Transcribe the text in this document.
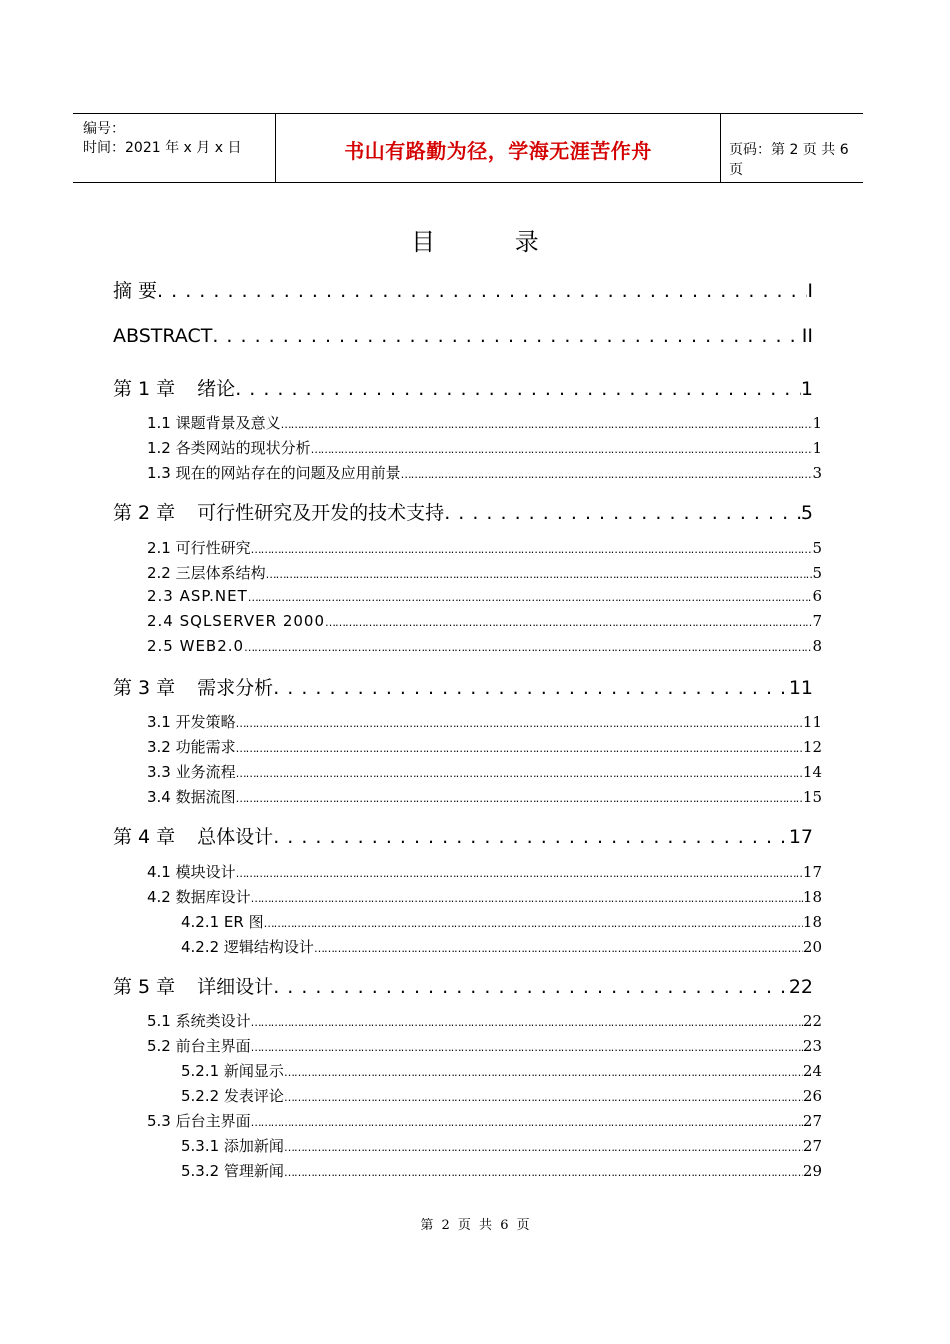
编号：
时间：2021 年 x 月 x 日	书山有路勤为径，学海无涯苦作舟	页码：第 2 页 共 6 页
目 录
摘 要 . . .	I
ABSTRACT . . .	II
第 1 章 绪论 . . .	1
1.1 课题背景及意义 ……………………………………………………………………………………………………………………………………………………………………………………………………………	1
1.2 各类网站的现状分析 ……………………………………………………………………………………………………………………………………………………………………………………………………………	1
1.3 现在的网站存在的问题及应用前景 ……………………………………………………………………………………………………………………………………………………………………………………………………………	3
第 2 章 可行性研究及开发的技术支持 . . .	5
2.1 可行性研究 ……………………………………………………………………………………………………………………………………………………………………………………………………………	5
2.2 三层体系结构 ……………………………………………………………………………………………………………………………………………………………………………………………………………	5
2.3 ASP.NET ……………………………………………………………………………………………………………………………………………………………………………………………………………	6
2.4 SQLSERVER 2000 ……………………………………………………………………………………………………………………………………………………………………………………………………………	7
2.5 WEB2.0 ……………………………………………………………………………………………………………………………………………………………………………………………………………	8
第 3 章 需求分析 . . .	11
3.1 开发策略 ……………………………………………………………………………………………………………………………………………………………………………………………………………	11
3.2 功能需求 ……………………………………………………………………………………………………………………………………………………………………………………………………………	12
3.3 业务流程 ……………………………………………………………………………………………………………………………………………………………………………………………………………	14
3.4 数据流图 ……………………………………………………………………………………………………………………………………………………………………………………………………………	15
第 4 章 总体设计 . . .	17
4.1 模块设计 ……………………………………………………………………………………………………………………………………………………………………………………………………………	17
4.2 数据库设计 ……………………………………………………………………………………………………………………………………………………………………………………………………………	18
4.2.1 ER 图 ……………………………………………………………………………………………………………………………………………………………………………………………………………	18
4.2.2 逻辑结构设计 ……………………………………………………………………………………………………………………………………………………………………………………………………………	20
第 5 章 详细设计 . . .	22
5.1 系统类设计 ……………………………………………………………………………………………………………………………………………………………………………………………………………	22
5.2 前台主界面 ……………………………………………………………………………………………………………………………………………………………………………………………………………	23
5.2.1 新闻显示 ……………………………………………………………………………………………………………………………………………………………………………………………………………	24
5.2.2 发表评论 ……………………………………………………………………………………………………………………………………………………………………………………………………………	26
5.3 后台主界面 ……………………………………………………………………………………………………………………………………………………………………………………………………………	27
5.3.1 添加新闻 ……………………………………………………………………………………………………………………………………………………………………………………………………………	27
5.3.2 管理新闻 ……………………………………………………………………………………………………………………………………………………………………………………………………………	29
第 2 页 共 6 页
